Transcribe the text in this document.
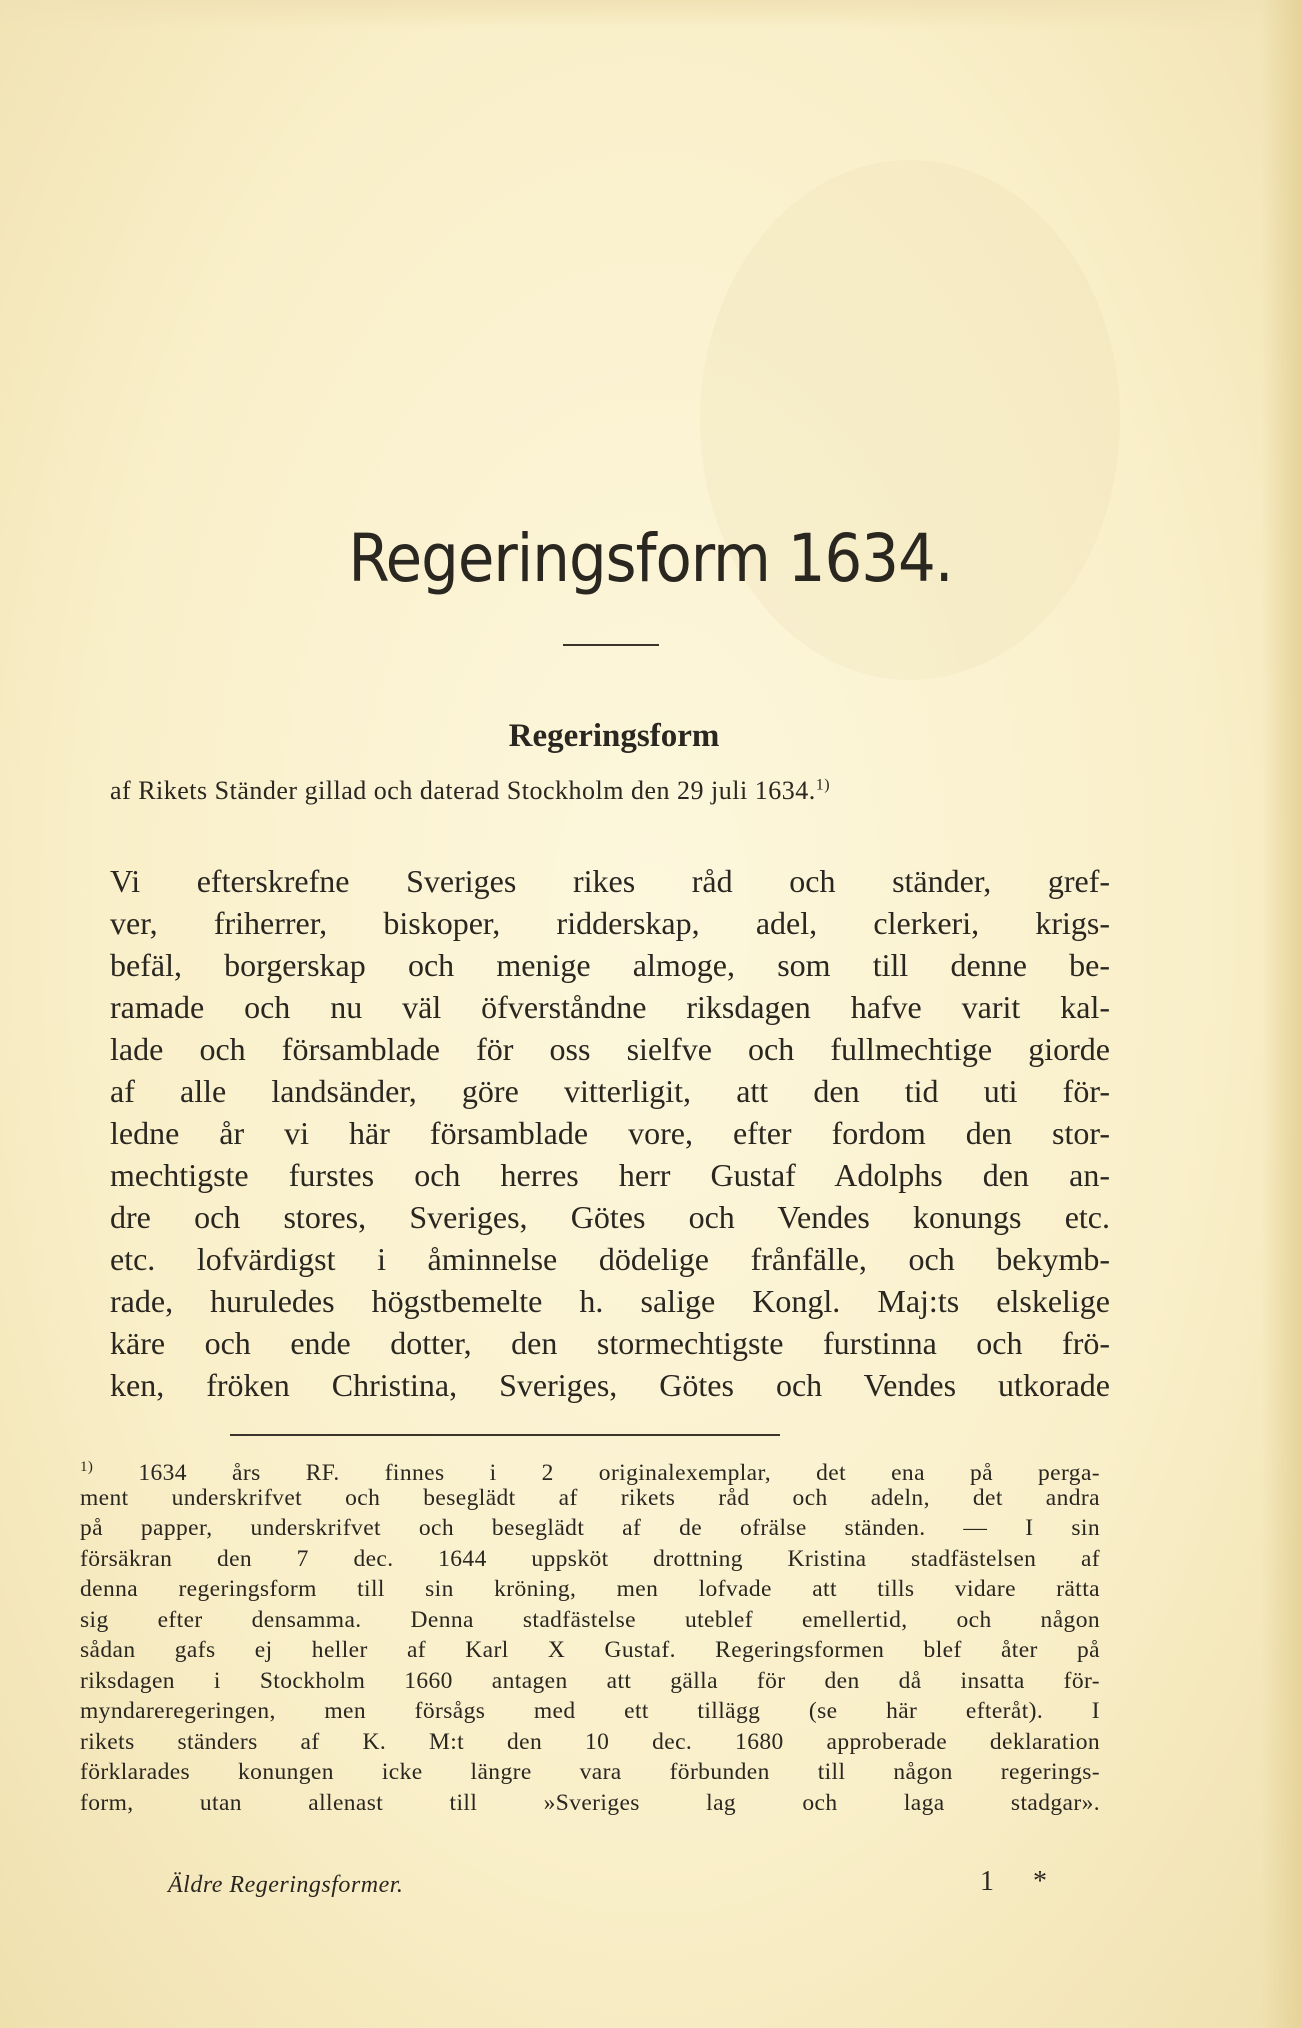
Regeringsform 1634.
Regeringsform
af Rikets Ständer gillad och daterad Stockholm den 29 juli 1634.$^{1)}$
Vi efterskrefne Sveriges rikes råd och ständer, gref-
ver, friherrer, biskoper, ridderskap, adel, clerkeri, krigs-
befäl, borgerskap och menige almoge, som till denne be-
ramade och nu väl öfverståndne riksdagen hafve varit kal-
lade och församblade för oss sielfve och fullmechtige giorde
af alle landsänder, göre vitterligit, att den tid uti för-
ledne år vi här församblade vore, efter fordom den stor-
mechtigste furstes och herres herr Gustaf Adolphs den an-
dre och stores, Sveriges, Götes och Vendes konungs etc.
etc. lofvärdigst i åminnelse dödelige frånfälle, och bekymb-
rade, huruledes högstbemelte h. salige Kongl. Maj:ts elskelige
käre och ende dotter, den stormechtigste furstinna och frö-
ken, fröken Christina, Sveriges, Götes och Vendes utkorade
$^{1)}$ 1634 års RF. finnes i 2 originalexemplar, det ena på perga-
ment underskrifvet och beseglädt af rikets råd och adeln, det andra
på papper, underskrifvet och beseglädt af de ofrälse ständen. — I sin
försäkran den 7 dec. 1644 uppsköt drottning Kristina stadfästelsen af
denna regeringsform till sin kröning, men lofvade att tills vidare rätta
sig efter densamma. Denna stadfästelse uteblef emellertid, och någon
sådan gafs ej heller af Karl X Gustaf. Regeringsformen blef åter på
riksdagen i Stockholm 1660 antagen att gälla för den då insatta för-
myndareregeringen, men försågs med ett tillägg (se här efteråt). I
rikets ständers af K. M:t den 10 dec. 1680 approberade deklaration
förklarades konungen icke längre vara förbunden till någon regerings-
form, utan allenast till »Sveriges lag och laga stadgar».
Äldre Regeringsformer.	1 *
